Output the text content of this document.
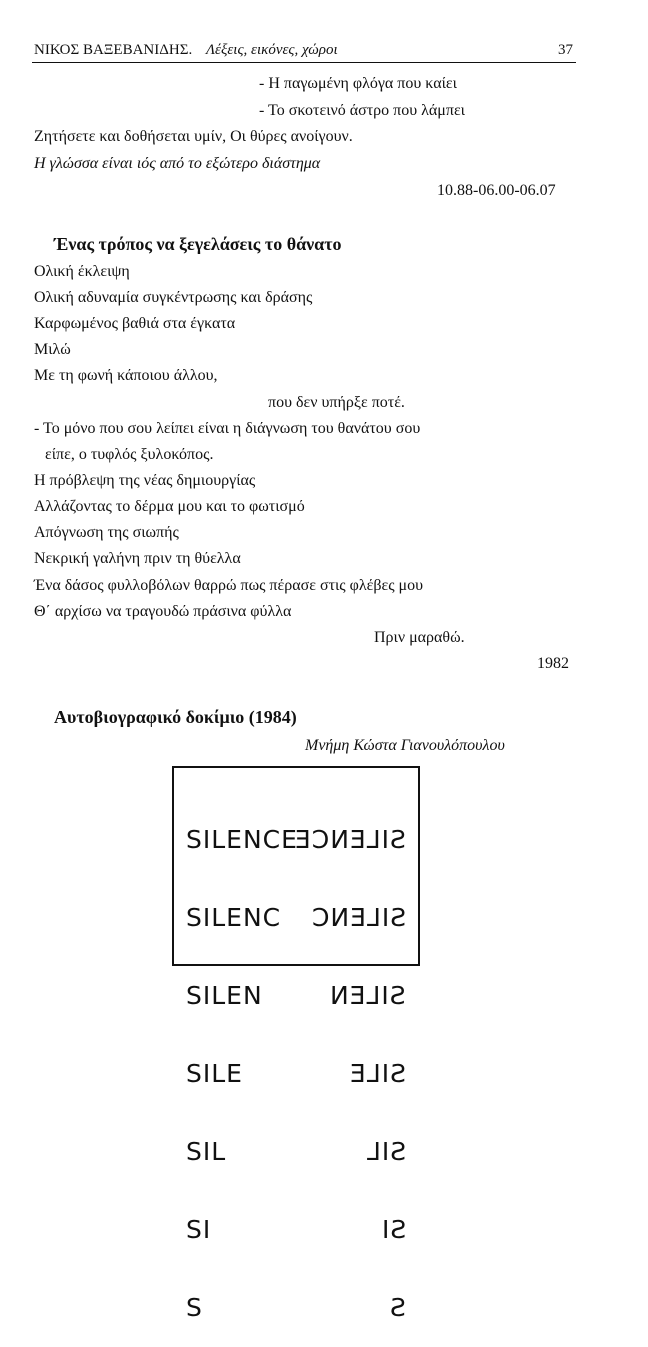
ΝΙΚΟΣ ΒΑΞΕΒΑΝΙΔΗΣ. Λέξεις, εικόνες, χώροι	37
- Η παγωμένη φλόγα που καίει
- Το σκοτεινό άστρο που λάμπει
Ζητήσετε και δοθήσεται υμίν, Οι θύρες ανοίγουν.
Η γλώσσα είναι ιός από το εξώτερο διάστημα
10.88-06.00-06.07
Ένας τρόπος να ξεγελάσεις το θάνατο
Ολική έκλειψη
Ολική αδυναμία συγκέντρωσης και δράσης
Καρφωμένος βαθιά στα έγκατα
Μιλώ
Με τη φωνή κάποιου άλλου,
που δεν υπήρξε ποτέ.
- Το μόνο που σου λείπει είναι η διάγνωση του θανάτου σου
είπε, ο τυφλός ξυλοκόπος.
Η πρόβλεψη της νέας δημιουργίας
Αλλάζοντας το δέρμα μου και το φωτισμό
Απόγνωση της σιωπής
Νεκρική γαλήνη πριν τη θύελλα
Ένα δάσος φυλλοβόλων θαρρώ πως πέρασε στις φλέβες μου
Θ΄ αρχίσω να τραγουδώ πράσινα φύλλα
Πριν μαραθώ.
1982
Αυτοβιογραφικό δοκίμιο (1984)
Μνήμη Κώστα Γιανουλόπουλου

SILENCE

SILENC

SILEN

SILE

SIL

SI

S

SILENCE

SILENC

SILEN

SILE

SIL

SI

S
